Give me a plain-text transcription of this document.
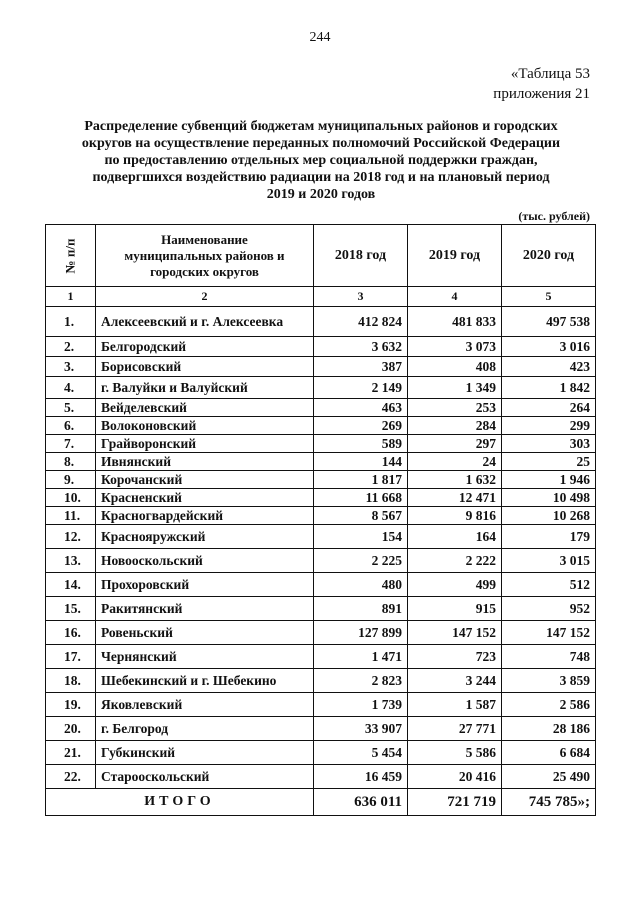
244
«Таблица 53
приложения 21
Распределение субвенций бюджетам муниципальных районов и городских
округов на осуществление переданных полномочий Российской Федерации
по предоставлению отдельных мер социальной поддержки граждан,
подвергшихся воздействию радиации на 2018 год и на плановый период
2019 и 2020 годов
(тыс. рублей)
№ п/п	Наименование
муниципальных районов и
городских округов	2018 год	2019 год	2020 год
1	2	3	4	5
1.	Алексеевский и г. Алексеевка	412 824	481 833	497 538
2.	Белгородский	3 632	3 073	3 016
3.	Борисовский	387	408	423
4.	г. Валуйки и Валуйский	2 149	1 349	1 842
5.	Вейделевский	463	253	264
6.	Волоконовский	269	284	299
7.	Грайворонский	589	297	303
8.	Ивнянский	144	24	25
9.	Корочанский	1 817	1 632	1 946
10.	Красненский	11 668	12 471	10 498
11.	Красногвардейский	8 567	9 816	10 268
12.	Краснояружский	154	164	179
13.	Новооскольский	2 225	2 222	3 015
14.	Прохоровский	480	499	512
15.	Ракитянский	891	915	952
16.	Ровеньский	127 899	147 152	147 152
17.	Чернянский	1 471	723	748
18.	Шебекинский и г. Шебекино	2 823	3 244	3 859
19.	Яковлевский	1 739	1 587	2 586
20.	г. Белгород	33 907	27 771	28 186
21.	Губкинский	5 454	5 586	6 684
22.	Старооскольский	16 459	20 416	25 490
ИТОГО		636 011	721 719	745 785»;
